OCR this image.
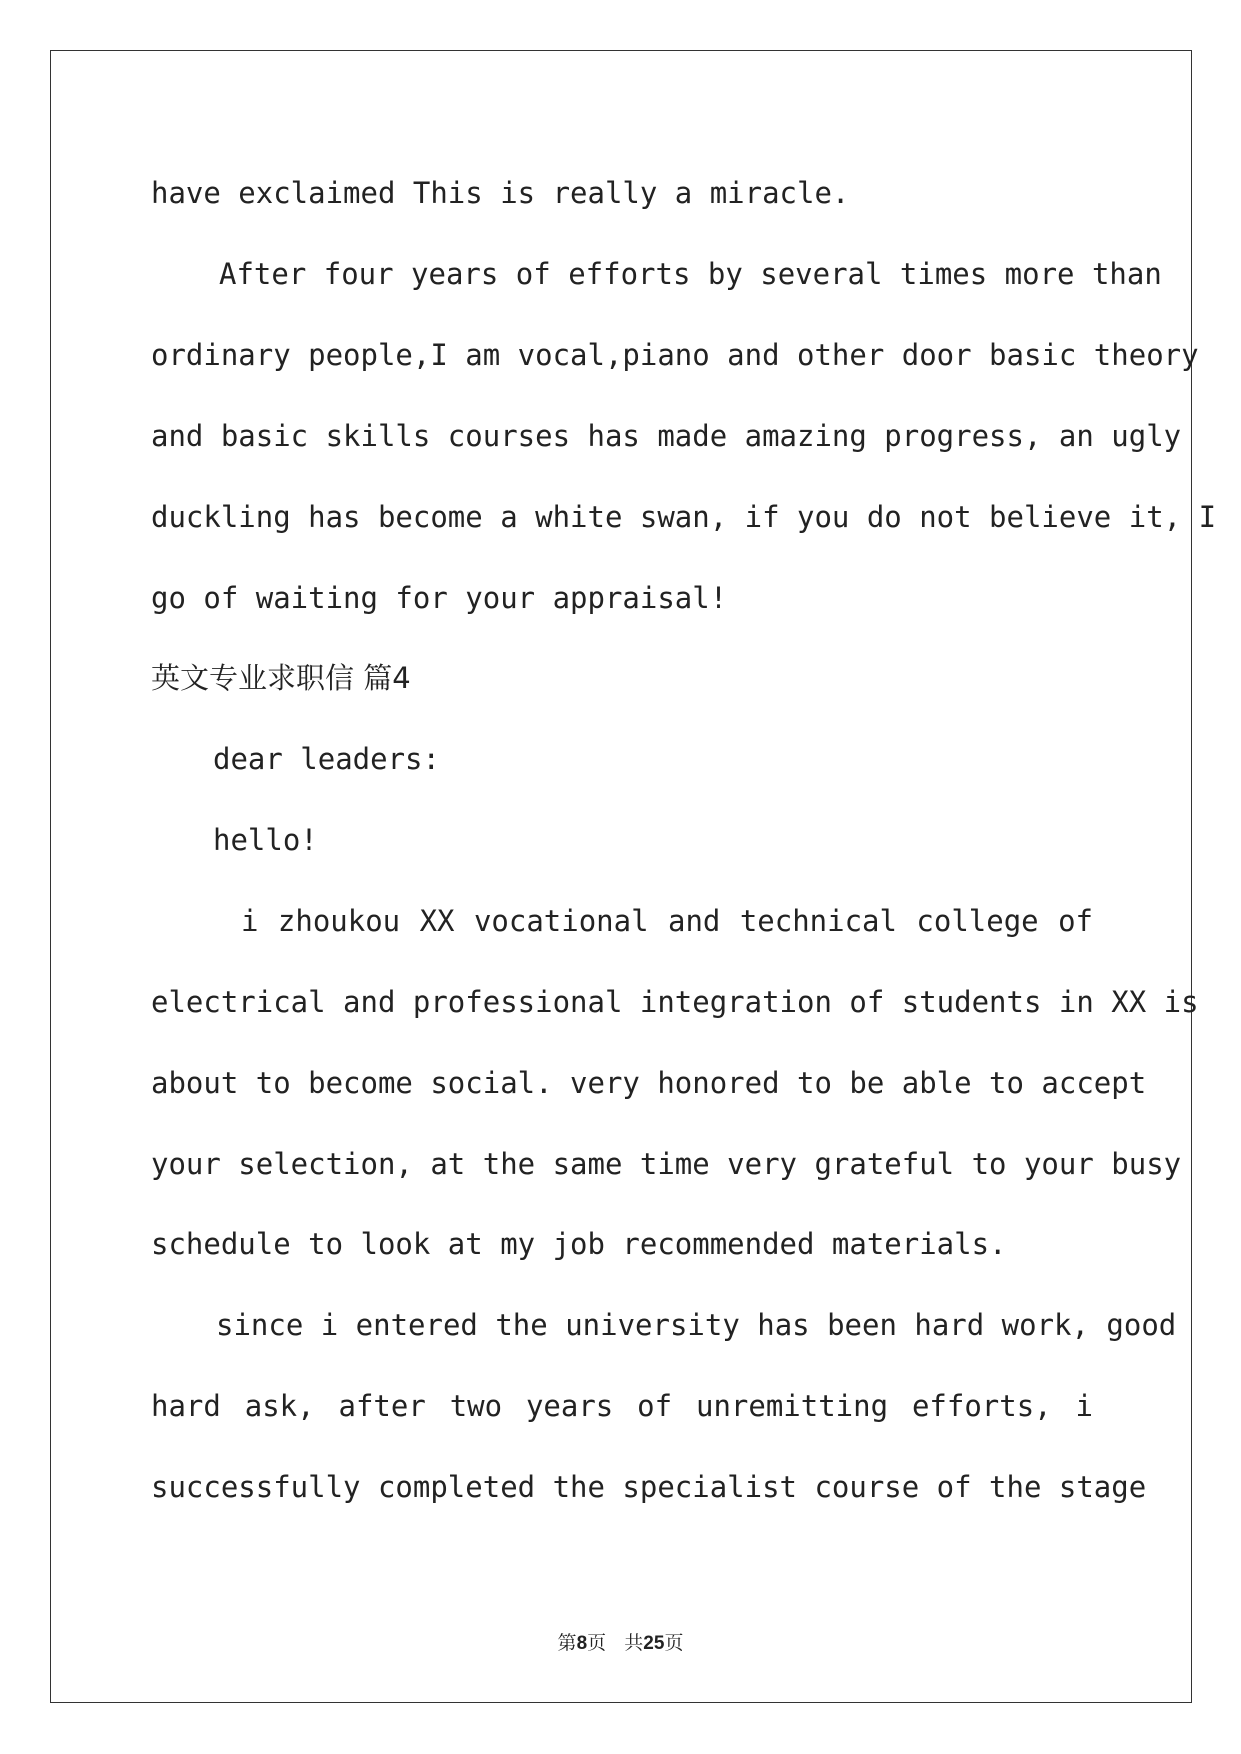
have exclaimed This is really a miracle.
After four years of efforts by several times more than
ordinary people,I am vocal,piano and other door basic theory
and basic skills courses has made amazing progress, an ugly
duckling has become a white swan, if you do not believe it, I
go of waiting for your appraisal!
英文专业求职信 篇4
dear leaders:
hello!
i zhoukou XX vocational and technical college of
electrical and professional integration of students in XX is
about to become social. very honored to be able to accept
your selection, at the same time very grateful to your busy
schedule to look at my job recommended materials.
since i entered the university has been hard work, good
hard ask, after two years of unremitting efforts, i
successfully completed the specialist course of the stage
第8页 共25页
